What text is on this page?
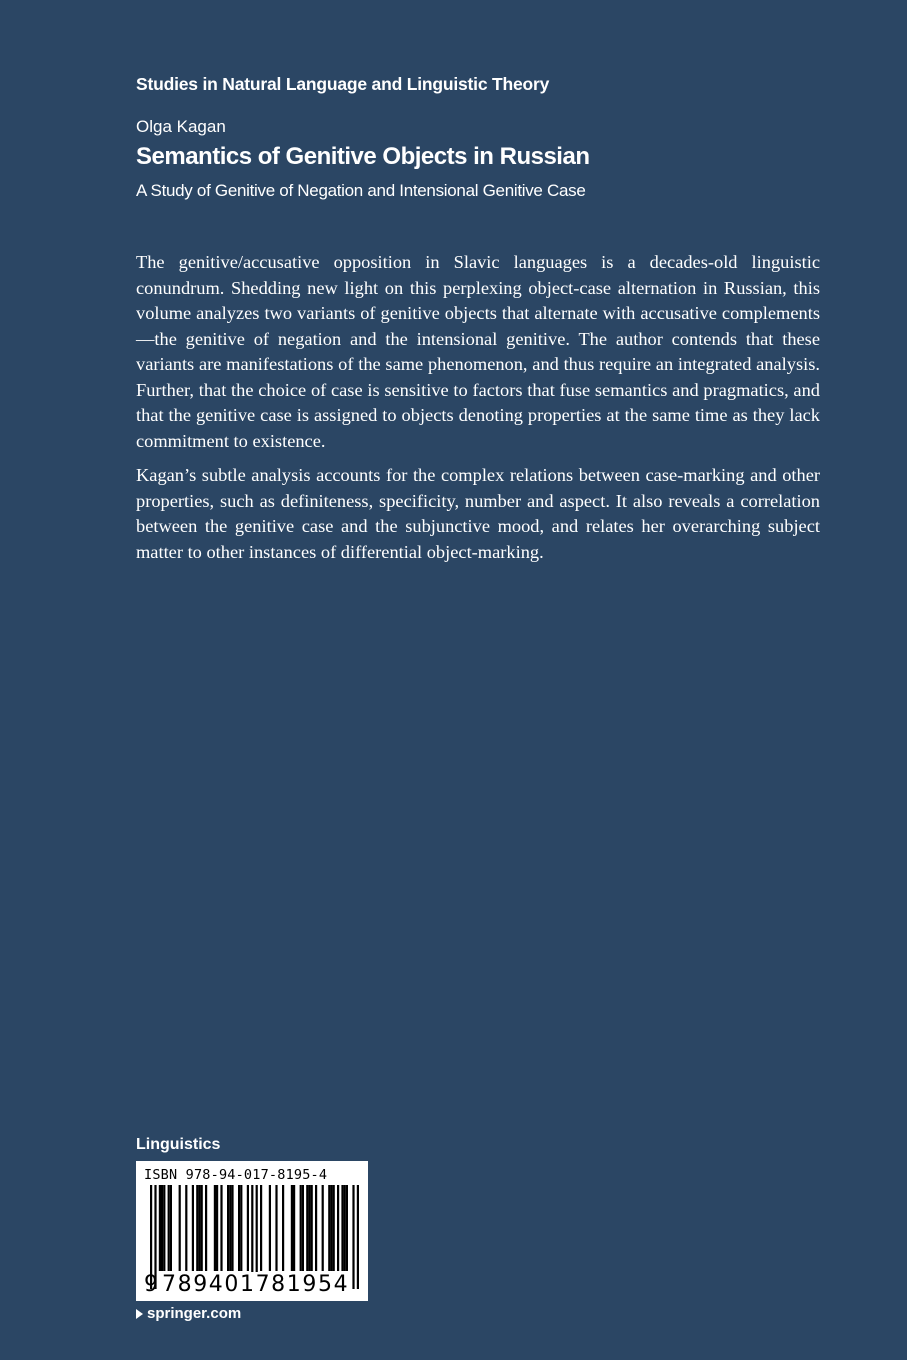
Studies in Natural Language and Linguistic Theory
Olga Kagan
Semantics of Genitive Objects in Russian
A Study of Genitive of Negation and Intensional Genitive Case

The genitive/accusative opposition in Slavic languages is a decades-old linguistic conundrum. Shedding new light on this perplexing object-case alternation in Russian, this volume analyzes two variants of genitive objects that alternate with accusative complements—the genitive of negation and the intensional genitive. The author contends that these variants are manifestations of the same phenomenon, and thus require an integrated analysis. Further, that the choice of case is sensitive to factors that fuse semantics and pragmatics, and that the genitive case is assigned to objects denoting properties at the same time as they lack commitment to existence.

Kagan’s subtle analysis accounts for the complex relations between case-marking and other properties, such as definiteness, specificity, number and aspect. It also reveals a correlation between the genitive case and the subjunctive mood, and relates her overarching subject matter to other instances of differential object-marking.

Linguistics
ISBN 978-94-017-8195-4
9 789401781954
springer.com
